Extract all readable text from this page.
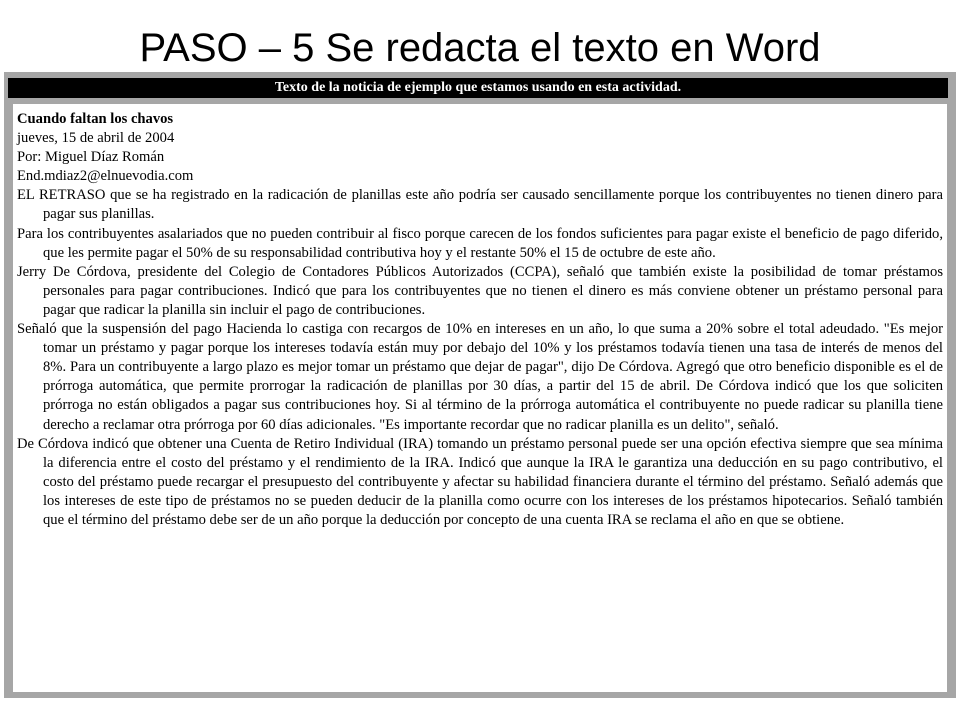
PASO – 5 Se redacta el texto en Word
Texto de la noticia de ejemplo que estamos usando en esta actividad.

Cuando faltan los chavos

jueves, 15 de abril de 2004

Por: Miguel Díaz Román

End.mdiaz2@elnuevodia.com

EL RETRASO que se ha registrado en la radicación de planillas este año podría ser causado sencillamente porque los contribuyentes no tienen dinero para pagar sus planillas.

Para los contribuyentes asalariados que no pueden contribuir al fisco porque carecen de los fondos suficientes para pagar existe el beneficio de pago diferido, que les permite pagar el 50% de su responsabilidad contributiva hoy y el restante 50% el 15 de octubre de este año.

Jerry De Córdova, presidente del Colegio de Contadores Públicos Autorizados (CCPA), señaló que también existe la posibilidad de tomar préstamos personales para pagar contribuciones. Indicó que para los contribuyentes que no tienen el dinero es más conviene obtener un préstamo personal para pagar que radicar la planilla sin incluir el pago de contribuciones.

Señaló que la suspensión del pago Hacienda lo castiga con recargos de 10% en intereses en un año, lo que suma a 20% sobre el total adeudado. "Es mejor tomar un préstamo y pagar porque los intereses todavía están muy por debajo del 10% y los préstamos todavía tienen una tasa de interés de menos del 8%. Para un contribuyente a largo plazo es mejor tomar un préstamo que dejar de pagar", dijo De Córdova. Agregó que otro beneficio disponible es el de prórroga automática, que permite prorrogar la radicación de planillas por 30 días, a partir del 15 de abril. De Córdova indicó que los que soliciten prórroga no están obligados a pagar sus contribuciones hoy. Si al término de la prórroga automática el contribuyente no puede radicar su planilla tiene derecho a reclamar otra prórroga por 60 días adicionales. "Es importante recordar que no radicar planilla es un delito", señaló.

De Córdova indicó que obtener una Cuenta de Retiro Individual (IRA) tomando un préstamo personal puede ser una opción efectiva siempre que sea mínima la diferencia entre el costo del préstamo y el rendimiento de la IRA. Indicó que aunque la IRA le garantiza una deducción en su pago contributivo, el costo del préstamo puede recargar el presupuesto del contribuyente y afectar su habilidad financiera durante el término del préstamo. Señaló además que los intereses de este tipo de préstamos no se pueden deducir de la planilla como ocurre con los intereses de los préstamos hipotecarios. Señaló también que el término del préstamo debe ser de un año porque la deducción por concepto de una cuenta IRA se reclama el año en que se obtiene.
